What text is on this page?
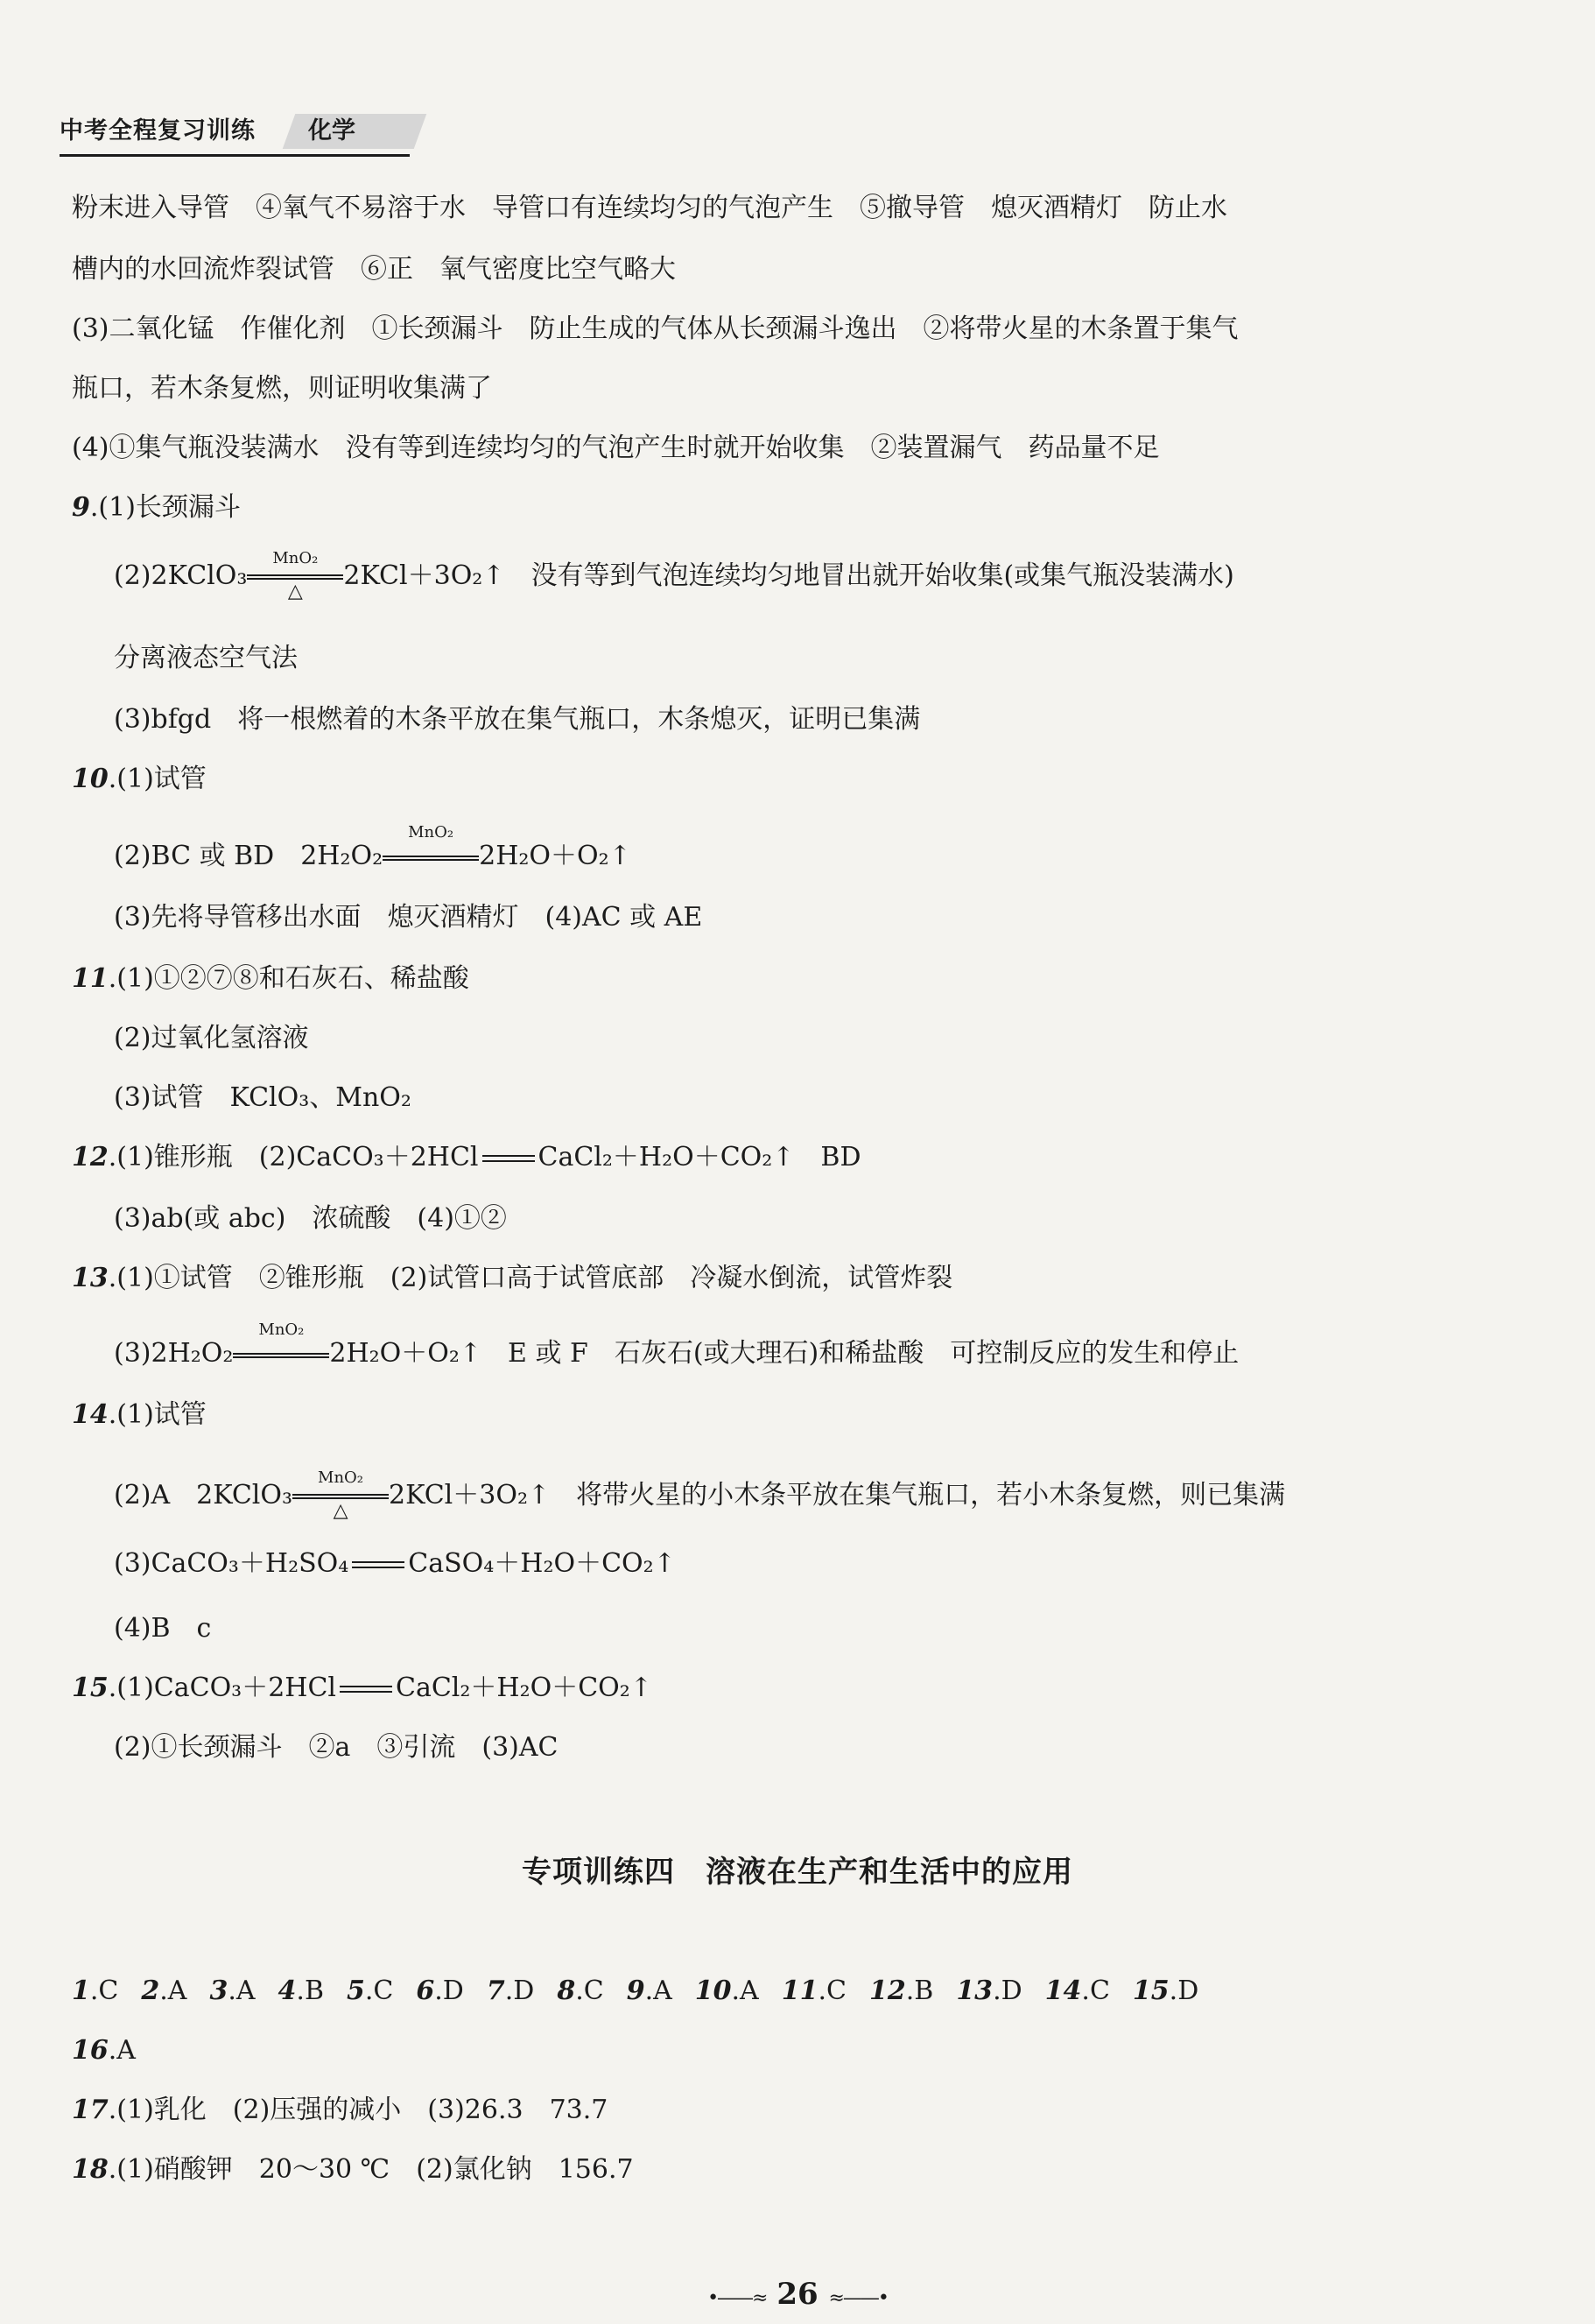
中考全程复习训练	化学
粉末进入导管　④氧气不易溶于水　导管口有连续均匀的气泡产生　⑤撤导管　熄灭酒精灯　防止水
槽内的水回流炸裂试管　⑥正　氧气密度比空气略大
(3)二氧化锰　作催化剂　①长颈漏斗　防止生成的气体从长颈漏斗逸出　②将带火星的木条置于集气
瓶口，若木条复燃，则证明收集满了
(4)①集气瓶没装满水　没有等到连续均匀的气泡产生时就开始收集　②装置漏气　药品量不足
9.(1)长颈漏斗
(2)2KClO₃
MnO₂
△
2KCl＋3O₂↑　没有等到气泡连续均匀地冒出就开始收集(或集气瓶没装满水)
分离液态空气法
(3)bfgd　将一根燃着的木条平放在集气瓶口，木条熄灭，证明已集满
10.(1)试管
(2)BC 或 BD　2H₂O₂
MnO₂
2H₂O＋O₂↑
(3)先将导管移出水面　熄灭酒精灯　(4)AC 或 AE
11.(1)①②⑦⑧和石灰石、稀盐酸
(2)过氧化氢溶液
(3)试管　KClO₃、MnO₂
12.(1)锥形瓶　(2)CaCO₃＋2HCl CaCl₂＋H₂O＋CO₂↑　BD
(3)ab(或 abc)　浓硫酸　(4)①②
13.(1)①试管　②锥形瓶　(2)试管口高于试管底部　冷凝水倒流，试管炸裂
(3)2H₂O₂
MnO₂
2H₂O＋O₂↑　E 或 F　石灰石(或大理石)和稀盐酸　可控制反应的发生和停止
14.(1)试管
(2)A　2KClO₃
MnO₂
△
2KCl＋3O₂↑　将带火星的小木条平放在集气瓶口，若小木条复燃，则已集满
(3)CaCO₃＋H₂SO₄ CaSO₄＋H₂O＋CO₂↑
(4)B　c
15.(1)CaCO₃＋2HCl CaCl₂＋H₂O＋CO₂↑
(2)①长颈漏斗　②a　③引流　(3)AC
专项训练四　溶液在生产和生活中的应用
1.C 2.A 3.A 4.B 5.C 6.D 7.D 8.C 9.A 10.A 11.C 12.B 13.D 14.C 15.D
16.A
17.(1)乳化　(2)压强的减小　(3)26.3　73.7
18.(1)硝酸钾　20～30 ℃　(2)氯化钠　156.7
•——≈ 26 ≈——•
